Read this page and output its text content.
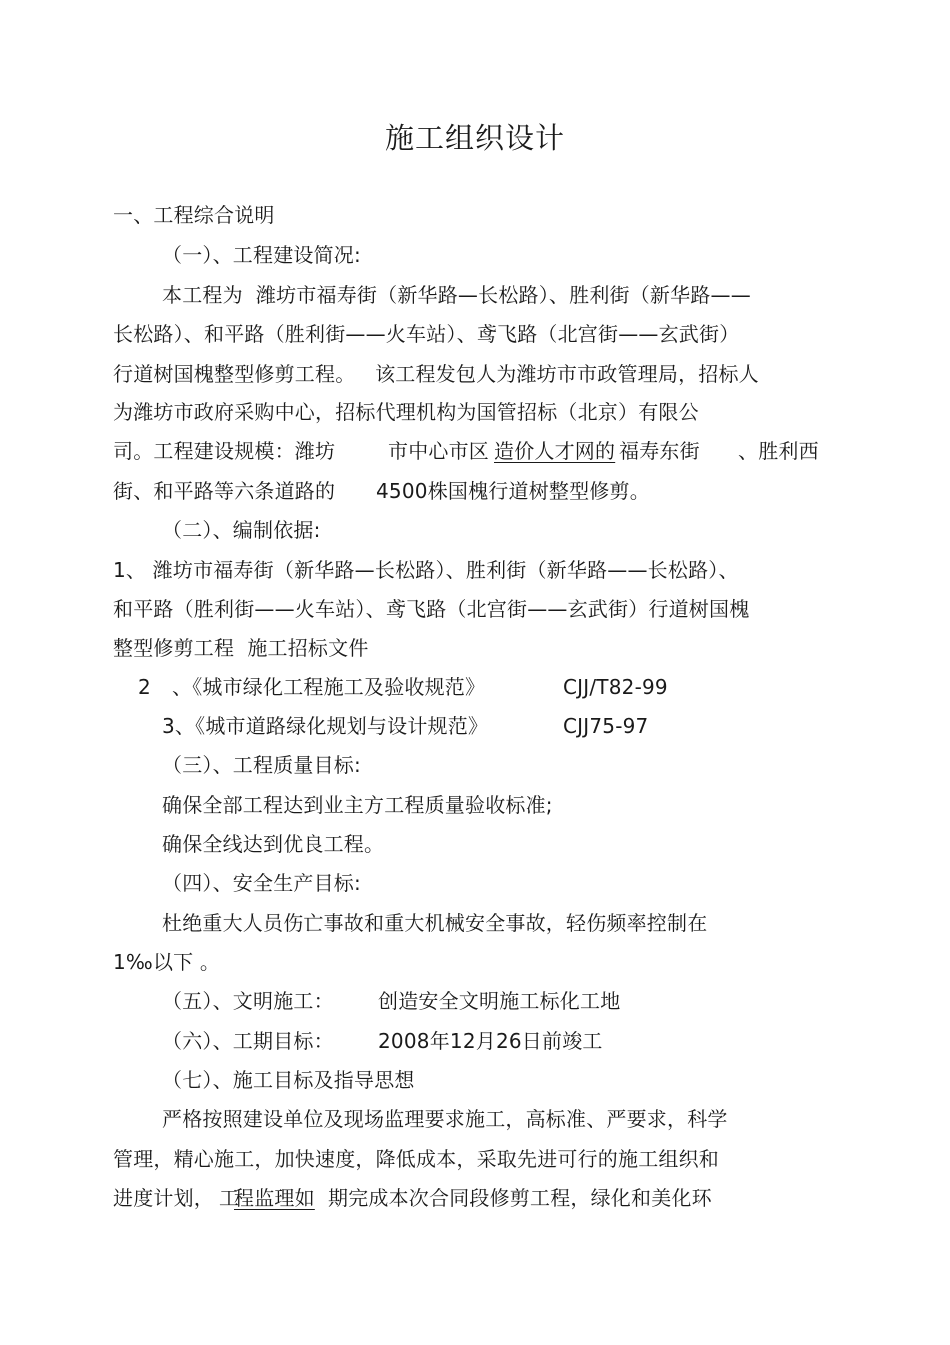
施工组织设计
一、工程综合说明
（一）、工程建设简况:
本工程为  潍坊市福寿街（新华路—长松路）、胜利街（新华路——
长松路）、和平路（胜利街——火车站）、鸢飞路（北宫街——玄武街）
行道树国槐整型修剪工程。   该工程发包人为潍坊市市政管理局，招标人
为潍坊市政府采购中心，招标代理机构为国管招标（北京）有限公
司。工程建设规模：潍坊	市中心市区 造价人才网的 福寿东街 、胜利西
街、和平路等六条道路的 4500株国槐行道树整型修剪。
（二）、编制依据:
1、 潍坊市福寿街（新华路—长松路）、胜利街（新华路——长松路）、
和平路（胜利街——火车站）、鸢飞路（北宫街——玄武街）行道树国槐
整型修剪工程  施工招标文件
2 、《城市绿化工程施工及验收规范》	CJJ/T82-99
3、《城市道路绿化规划与设计规范》	CJJ75-97
（三）、工程质量目标:
确保全部工程达到业主方工程质量验收标准;
确保全线达到优良工程。
（四）、安全生产目标:
杜绝重大人员伤亡事故和重大机械安全事故，轻伤频率控制在
1‰以下 。
（五）、文明施工： 创造安全文明施工标化工地
（六）、工期目标： 2008年12月26日前竣工
（七）、施工目标及指导思想
严格按照建设单位及现场监理要求施工，高标准、严要求，科学
管理，精心施工，加快速度，降低成本，采取先进可行的施工组织和
进度计划， 工
程监理如 期完成本次合同段修剪工程，绿化和美化环
